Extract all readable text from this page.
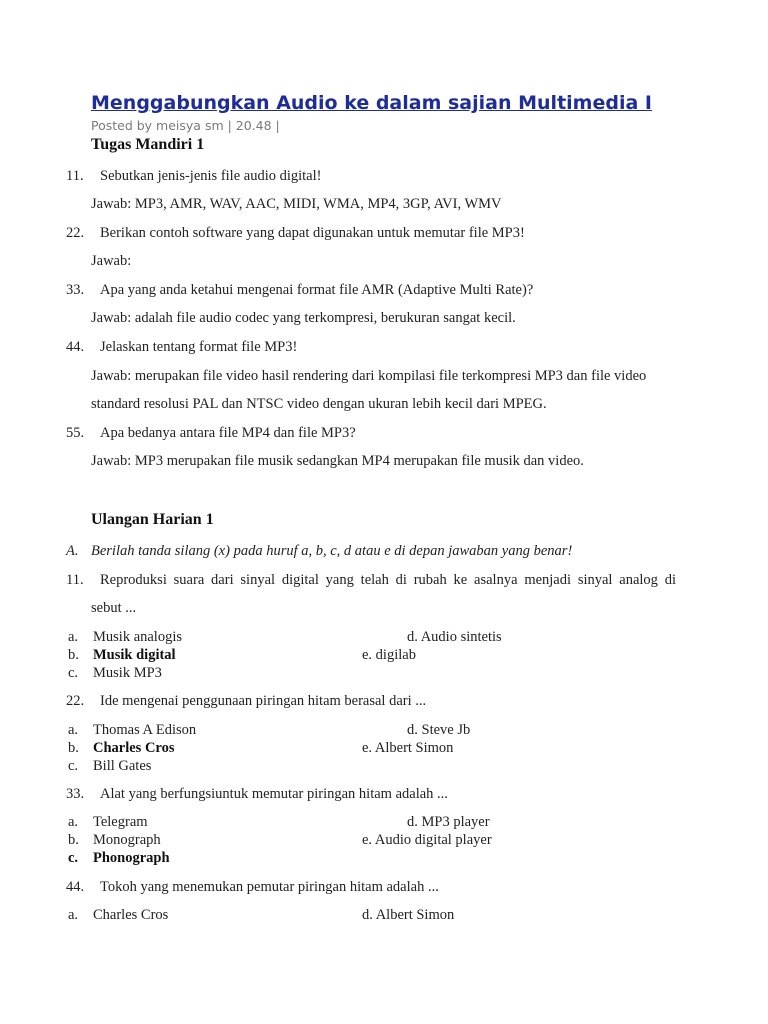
Menggabungkan Audio ke dalam sajian Multimedia I
Posted by meisya sm | 20.48 |
Tugas Mandiri 1
11. Sebutkan jenis-jenis file audio digital!
Jawab: MP3, AMR, WAV, AAC, MIDI, WMA, MP4, 3GP, AVI, WMV
22. Berikan contoh software yang dapat digunakan untuk memutar file MP3!
Jawab:
33. Apa yang anda ketahui mengenai format file AMR (Adaptive Multi Rate)?
Jawab: adalah file audio codec yang terkompresi, berukuran sangat kecil.
44. Jelaskan tentang format file MP3!
Jawab: merupakan file video hasil rendering dari kompilasi file terkompresi MP3 dan file video
standard resolusi PAL dan NTSC video dengan ukuran lebih kecil dari MPEG.
55. Apa bedanya antara file MP4 dan file MP3?
Jawab: MP3 merupakan file musik sedangkan MP4 merupakan file musik dan video.
Ulangan Harian 1
A. Berilah tanda silang (x) pada huruf a, b, c, d atau e di depan jawaban yang benar!
11. Reproduksi suara dari sinyal digital yang telah di rubah ke asalnya menjadi sinyal analog di
sebut ...
a. Musik analogis	d. Audio sintetis
b. Musik digital	e. digilab
c. Musik MP3
22. Ide mengenai penggunaan piringan hitam berasal dari ...
a. Thomas A Edison	d. Steve Jb
b. Charles Cros	e. Albert Simon
c. Bill Gates
33. Alat yang berfungsiuntuk memutar piringan hitam adalah ...
a. Telegram	d. MP3 player
b. Monograph	e. Audio digital player
c. Phonograph
44. Tokoh yang menemukan pemutar piringan hitam adalah ...
a. Charles Cros	d. Albert Simon
